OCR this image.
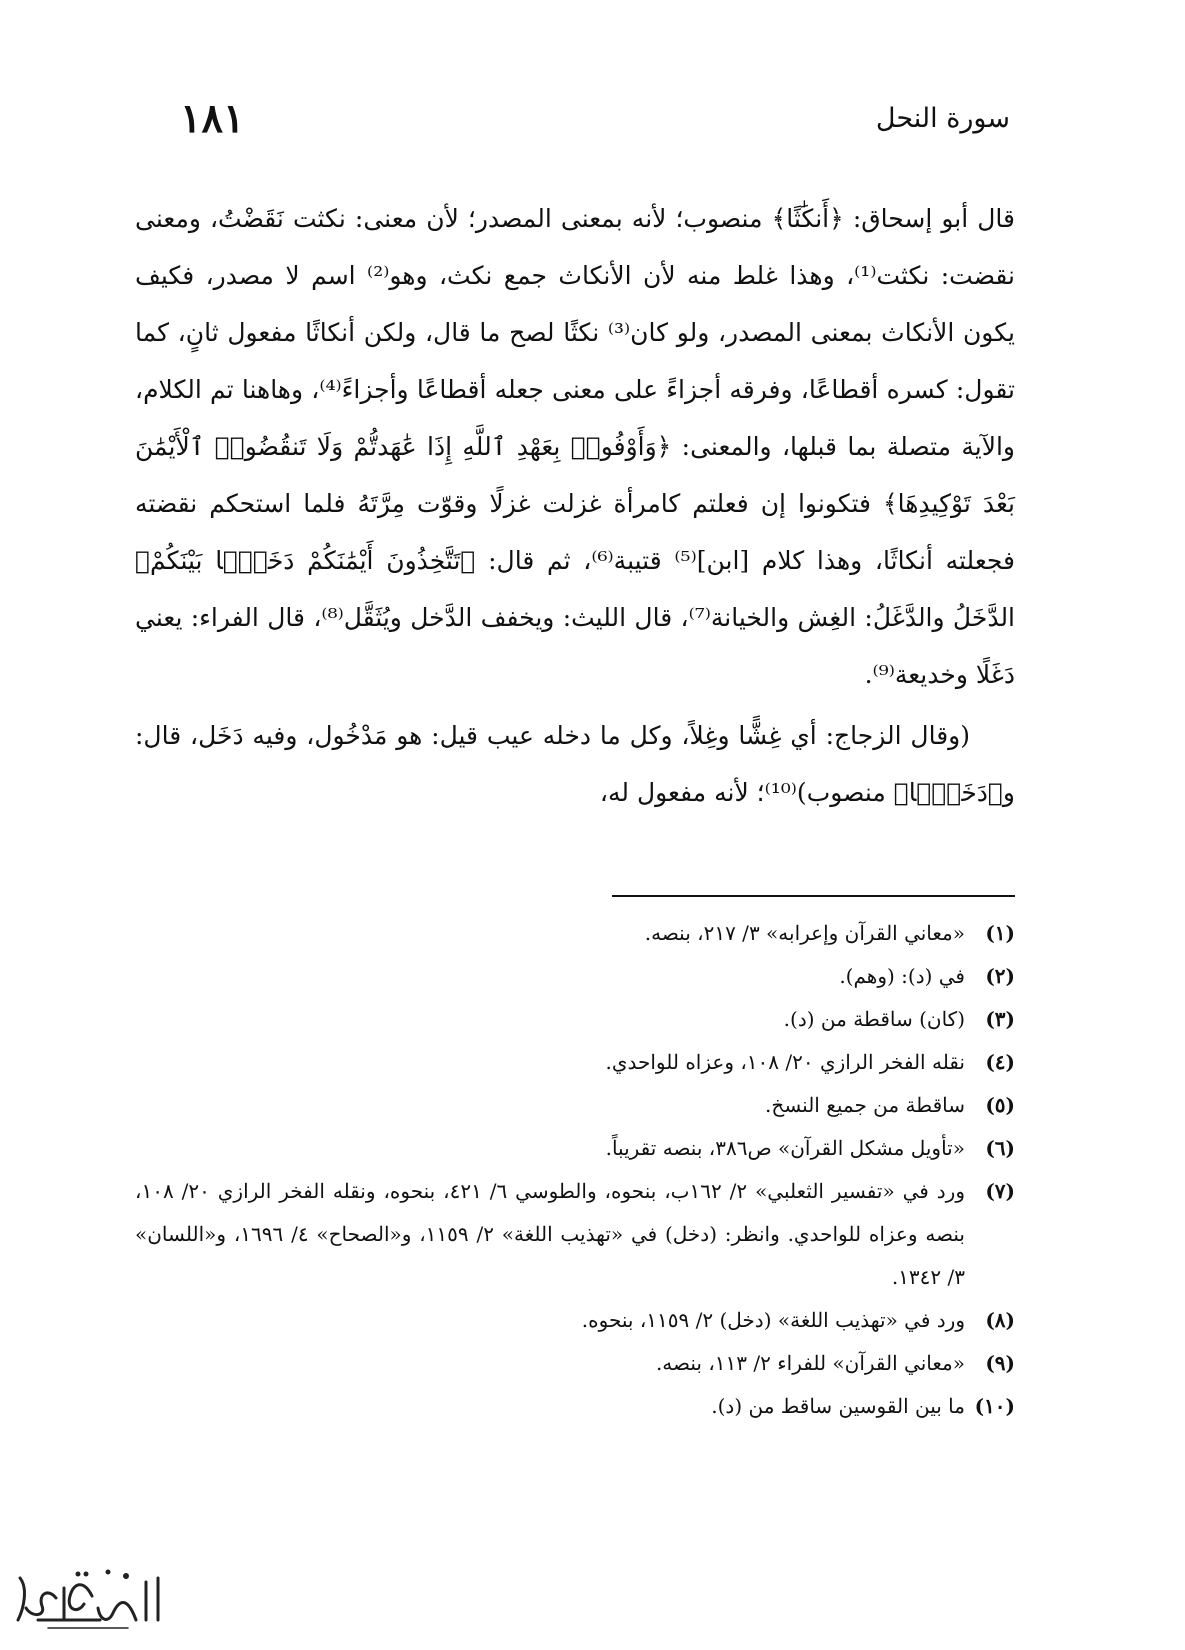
١٨١	سورة النحل

قال أبو إسحاق: ﴿أَنكَٰثًا﴾ منصوب؛ لأنه بمعنى المصدر؛ لأن معنى: نكثت نَقَضْتُ، ومعنى نقضت: نكثت⁽¹⁾، وهذا غلط منه لأن الأنكاث جمع نكث، وهو⁽²⁾ اسم لا مصدر، فكيف يكون الأنكاث بمعنى المصدر، ولو كان⁽³⁾ نكثًا لصح ما قال، ولكن أنكاثًا مفعول ثانٍ، كما تقول: كسره أقطاعًا، وفرقه أجزاءً على معنى جعله أقطاعًا وأجزاءً⁽⁴⁾، وهاهنا تم الكلام، والآية متصلة بما قبلها، والمعنى: ﴿وَأَوْفُوا۟ بِعَهْدِ ٱللَّهِ إِذَا عَٰهَدتُّمْ وَلَا تَنقُضُوا۟ ٱلْأَيْمَٰنَ بَعْدَ تَوْكِيدِهَا﴾ فتكونوا إن فعلتم كامرأة غزلت غزلًا وقوّت مِرَّتَهُ فلما استحكم نقضته فجعلته أنكاثًا، وهذا كلام [ابن]⁽⁵⁾ قتيبة⁽⁶⁾، ثم قال: ﴿تَتَّخِذُونَ أَيْمَٰنَكُمْ دَخَلًۢا بَيْنَكُمْ﴾ الدَّخَلُ والدَّغَلُ: الغِش والخيانة⁽⁷⁾، قال الليث: ويخفف الدَّخل ويُثَقَّل⁽⁸⁾، قال الفراء: يعني دَغَلًا وخديعة⁽⁹⁾.

(وقال الزجاج: أي غِشًّا وغِلاً، وكل ما دخله عيب قيل: هو مَدْخُول، وفيه دَخَل، قال: و﴿دَخَلًۢا﴾ منصوب)⁽¹⁰⁾؛ لأنه مفعول له،

(١)
«معاني القرآن وإعرابه» ٣/ ٢١٧، بنصه.
(٢)
في (د): (وهم).
(٣)
(كان) ساقطة من (د).
(٤)
نقله الفخر الرازي ٢٠/ ١٠٨، وعزاه للواحدي.
(٥)
ساقطة من جميع النسخ.
(٦)
«تأويل مشكل القرآن» ص٣٨٦، بنصه تقريباً.
(٧)
ورد في «تفسير الثعلبي» ٢/ ١٦٢ب، بنحوه، والطوسي ٦/ ٤٢١، بنحوه، ونقله الفخر الرازي ٢٠/ ١٠٨، بنصه وعزاه للواحدي. وانظر: (دخل) في «تهذيب اللغة» ٢/ ١١٥٩، و«الصحاح» ٤/ ١٦٩٦، و«اللسان» ٣/ ١٣٤٢.
(٨)
ورد في «تهذيب اللغة» (دخل) ٢/ ١١٥٩، بنحوه.
(٩)
«معاني القرآن» للفراء ٢/ ١١٣، بنصه.
(١٠)
ما بين القوسين ساقط من (د).
